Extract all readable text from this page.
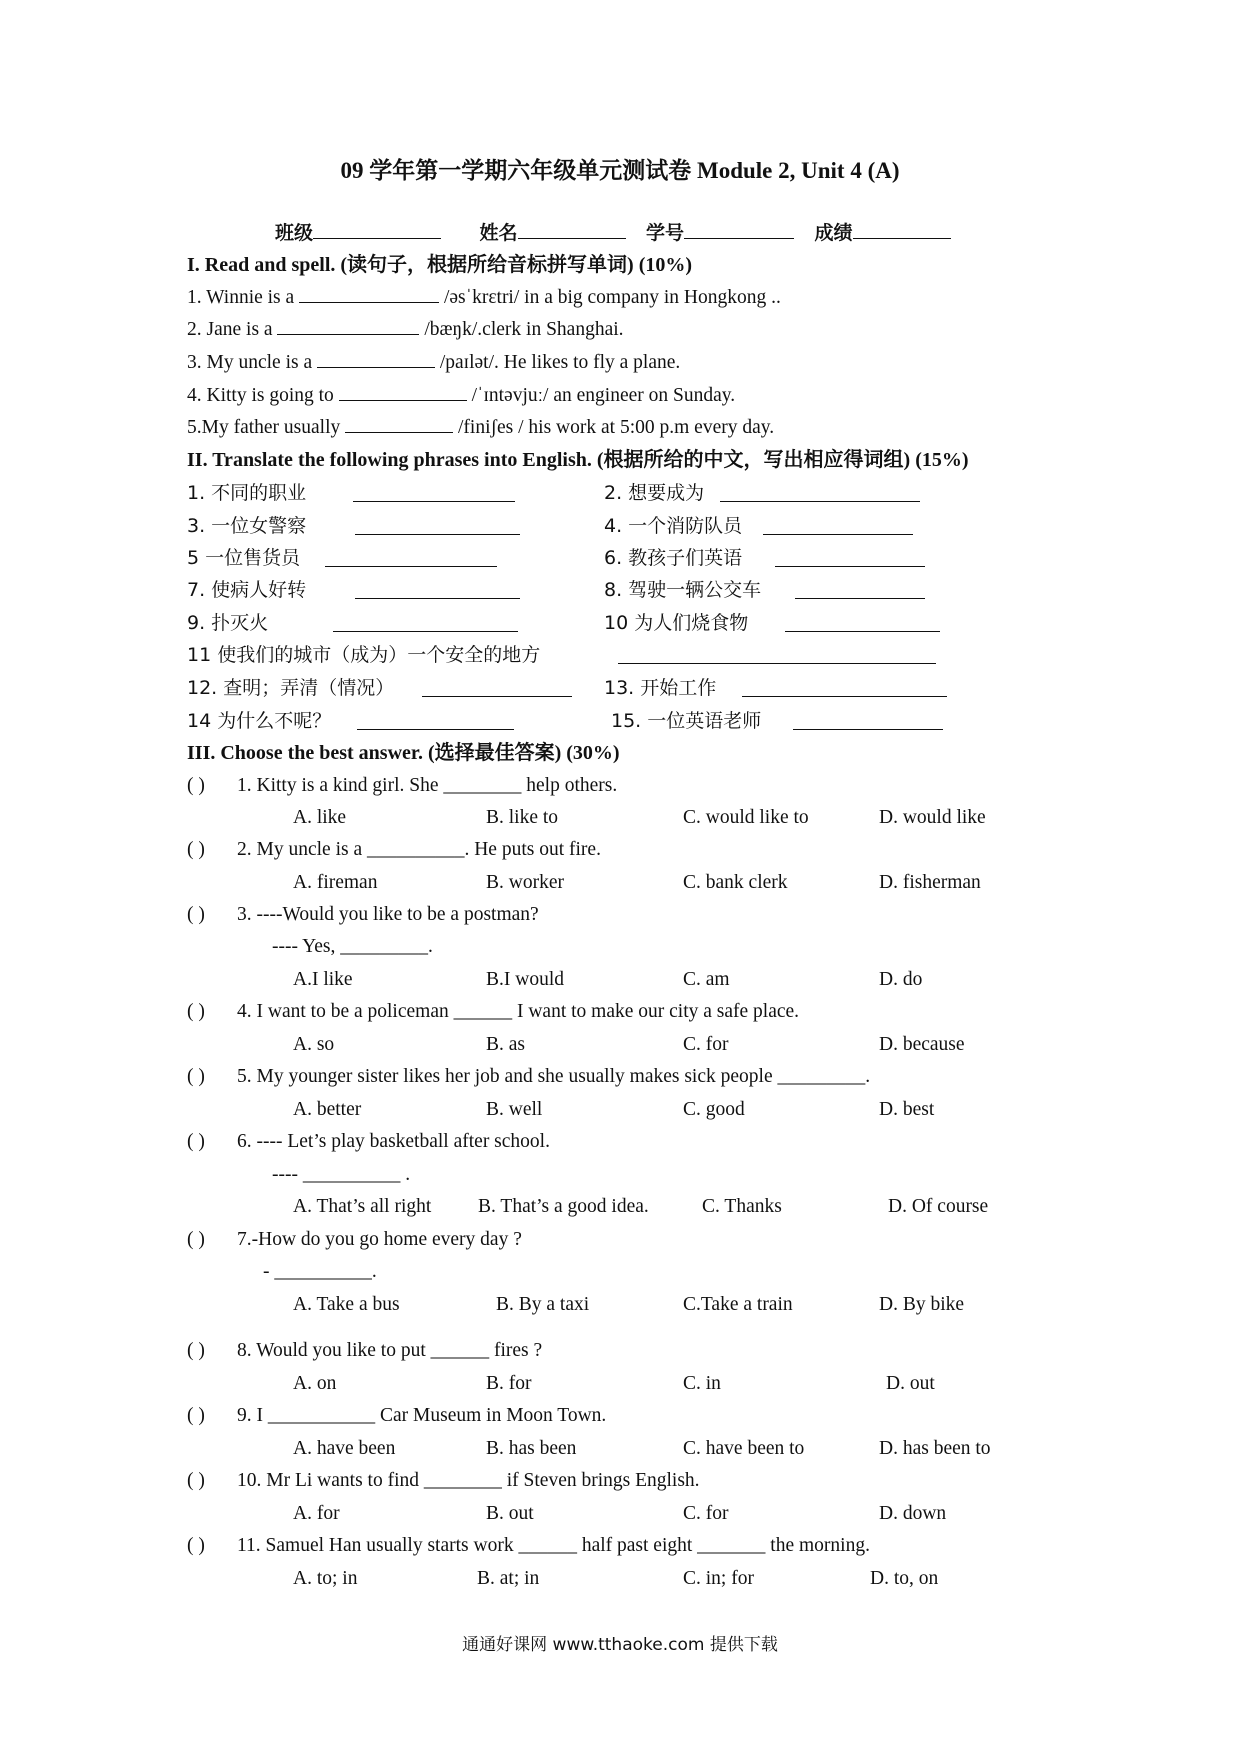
09 学年第一学期六年级单元测试卷 Module 2, Unit 4 (A)
班级	姓名	学号	成绩
I. Read and spell. (读句子，根据所给音标拼写单词) (10%)
1. Winnie is a	/əsˈkrɛtri/ in a big company in Hongkong ..
2. Jane is a	/bæŋk/.clerk in Shanghai.
3. My uncle is a	/paɪlət/. He likes to fly a plane.
4. Kitty is going to	/ˈɪntəvjuː/ an engineer on Sunday.
5.My father usually	/finiʃes / his work at 5:00 p.m every day.
II. Translate the following phrases into English. (根据所给的中文，写出相应得词组) (15%)
1. 不同的职业	2. 想要成为
3. 一位女警察	4. 一个消防队员
5 一位售货员	6. 教孩子们英语
7. 使病人好转	8. 驾驶一辆公交车
9. 扑灭火	10 为人们烧食物
11 使我们的城市（成为）一个安全的地方
12. 查明；弄清（情况）	13. 开始工作
14 为什么不呢？	15. 一位英语老师
III. Choose the best answer. (选择最佳答案) (30%)
( ) 1. Kitty is a kind girl. She ________ help others.
A. like	B. like to	C. would like to	D. would like
( ) 2. My uncle is a __________. He puts out fire.
A. fireman	B. worker	C. bank clerk	D. fisherman
( ) 3. ----Would you like to be a postman?
---- Yes, _________.
A.I like	B.I would	C. am	D. do
( ) 4. I want to be a policeman ______ I want to make our city a safe place.
A. so	B. as	C. for	D. because
( ) 5. My younger sister likes her job and she usually makes sick people _________.
A. better	B. well	C. good	D. best
( ) 6. ---- Let’s play basketball after school.
---- __________ .
A. That’s all right B. That’s a good idea.	C. Thanks	D. Of course
( ) 7.-How do you go home every day ?
- __________.
A. Take a bus	B. By a taxi	C.Take a train	D. By bike
( ) 8. Would you like to put ______ fires ?
A. on	B. for	C. in	D. out
( ) 9. I ___________ Car Museum in Moon Town.
A. have been	B. has been	C. have been to	D. has been to
( ) 10. Mr Li wants to find ________ if Steven brings English.
A. for	B. out	C. for	D. down
( ) 11. Samuel Han usually starts work ______ half past eight _______ the morning.
A. to; in	B. at; in	C. in; for	D. to, on
通通好课网 www.tthaoke.com 提供下载
